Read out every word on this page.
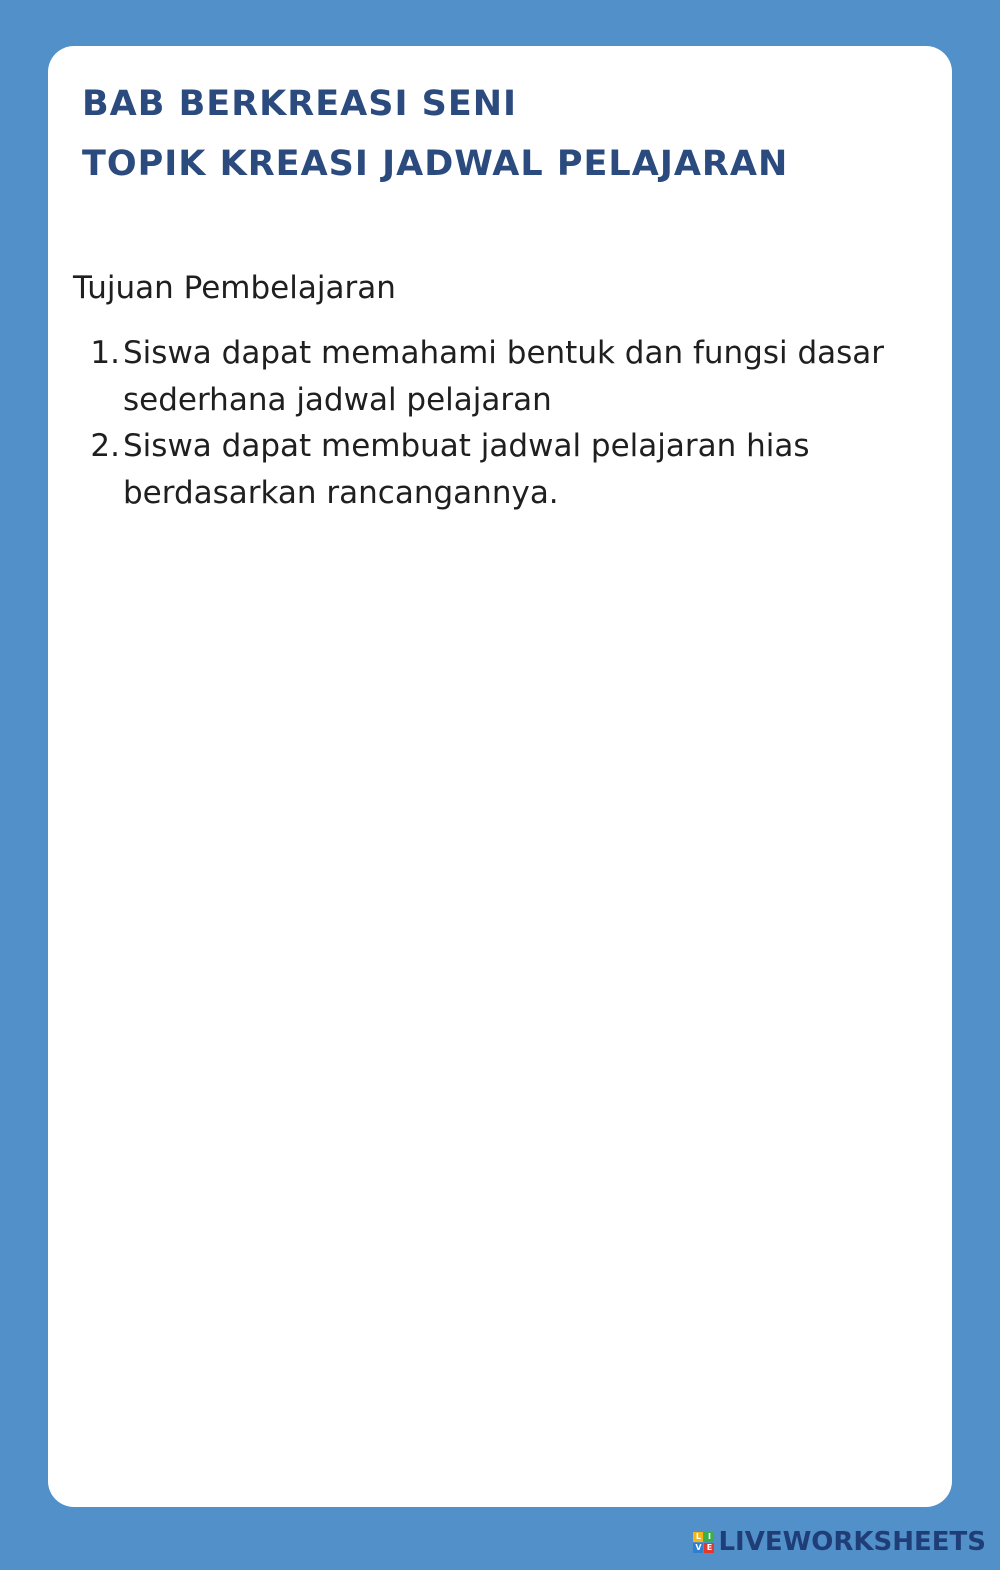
BAB BERKREASI SENI
TOPIK KREASI JADWAL PELAJARAN
Tujuan Pembelajaran
1. Siswa dapat memahami bentuk dan fungsi dasar sederhana jadwal pelajaran
2. Siswa dapat membuat jadwal pelajaran hias berdasarkan rancangannya.
L I
V E LIVEWORKSHEETS
